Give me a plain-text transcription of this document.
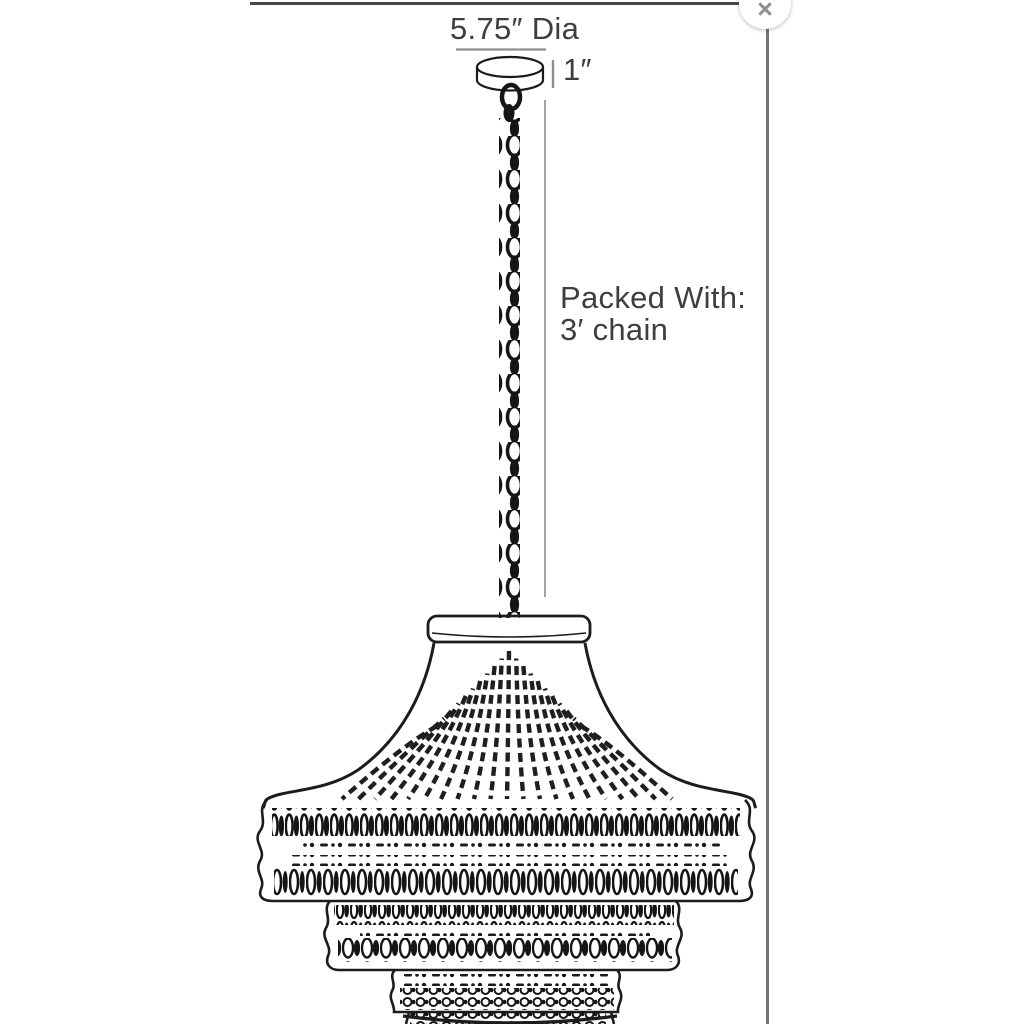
×
5.75″ Dia
1″
Packed With:
3′ chain
